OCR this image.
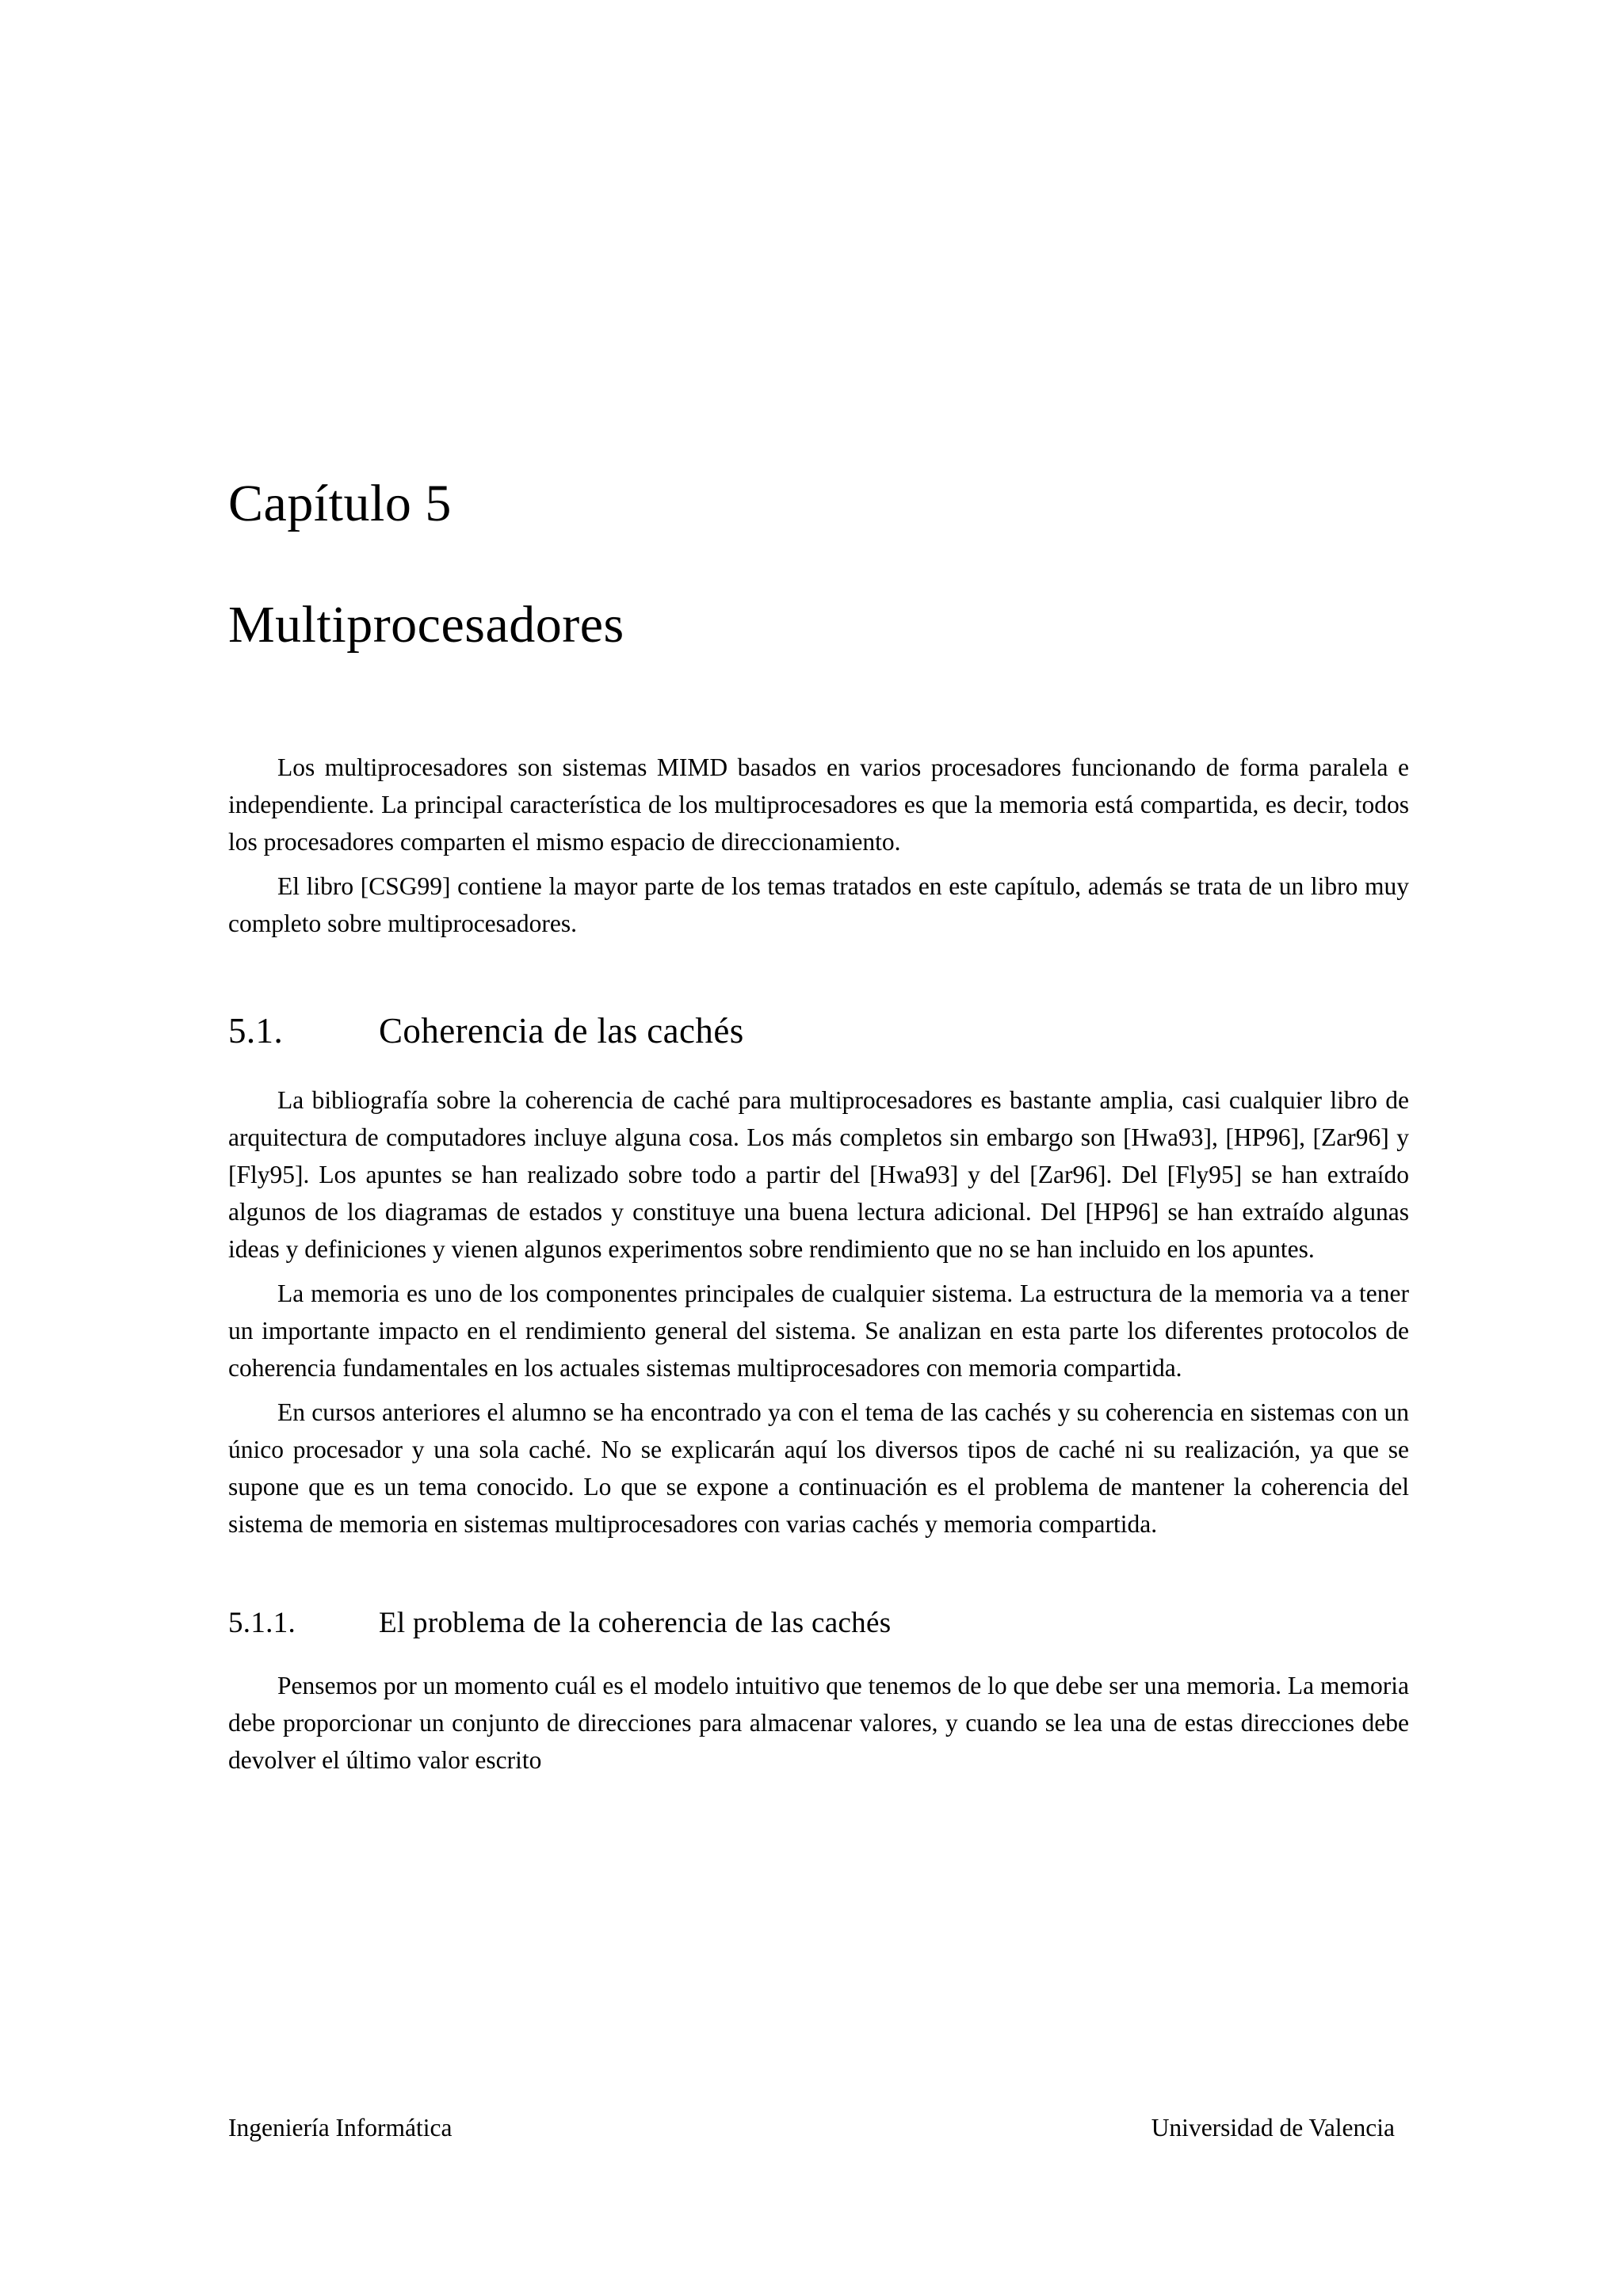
Capítulo 5
Multiprocesadores

Los multiprocesadores son sistemas MIMD basados en varios procesadores funcionando de forma paralela e independiente. La principal característica de los multiprocesadores es que la memoria está compartida, es decir, todos los procesadores comparten el mismo espacio de direccionamiento.

El libro [CSG99] contiene la mayor parte de los temas tratados en este capítulo, además se trata de un libro muy completo sobre multiprocesadores.

5.1.	Coherencia de las cachés

La bibliografía sobre la coherencia de caché para multiprocesadores es bastante amplia, casi cualquier libro de arquitectura de computadores incluye alguna cosa. Los más completos sin embargo son [Hwa93], [HP96], [Zar96] y [Fly95]. Los apuntes se han realizado sobre todo a partir del [Hwa93] y del [Zar96]. Del [Fly95] se han extraído algunos de los diagramas de estados y constituye una buena lectura adicional. Del [HP96] se han extraído algunas ideas y definiciones y vienen algunos experimentos sobre rendimiento que no se han incluido en los apuntes.

La memoria es uno de los componentes principales de cualquier sistema. La estructura de la memoria va a tener un importante impacto en el rendimiento general del sistema. Se analizan en esta parte los diferentes protocolos de coherencia fundamentales en los actuales sistemas multiprocesadores con memoria compartida.

En cursos anteriores el alumno se ha encontrado ya con el tema de las cachés y su coherencia en sistemas con un único procesador y una sola caché. No se explicarán aquí los diversos tipos de caché ni su realización, ya que se supone que es un tema conocido. Lo que se expone a continuación es el problema de mantener la coherencia del sistema de memoria en sistemas multiprocesadores con varias cachés y memoria compartida.

5.1.1.	El problema de la coherencia de las cachés

Pensemos por un momento cuál es el modelo intuitivo que tenemos de lo que debe ser una memoria. La memoria debe proporcionar un conjunto de direcciones para almacenar valores, y cuando se lea una de estas direcciones debe devolver el último valor escrito

Ingeniería Informática	Universidad de Valencia
